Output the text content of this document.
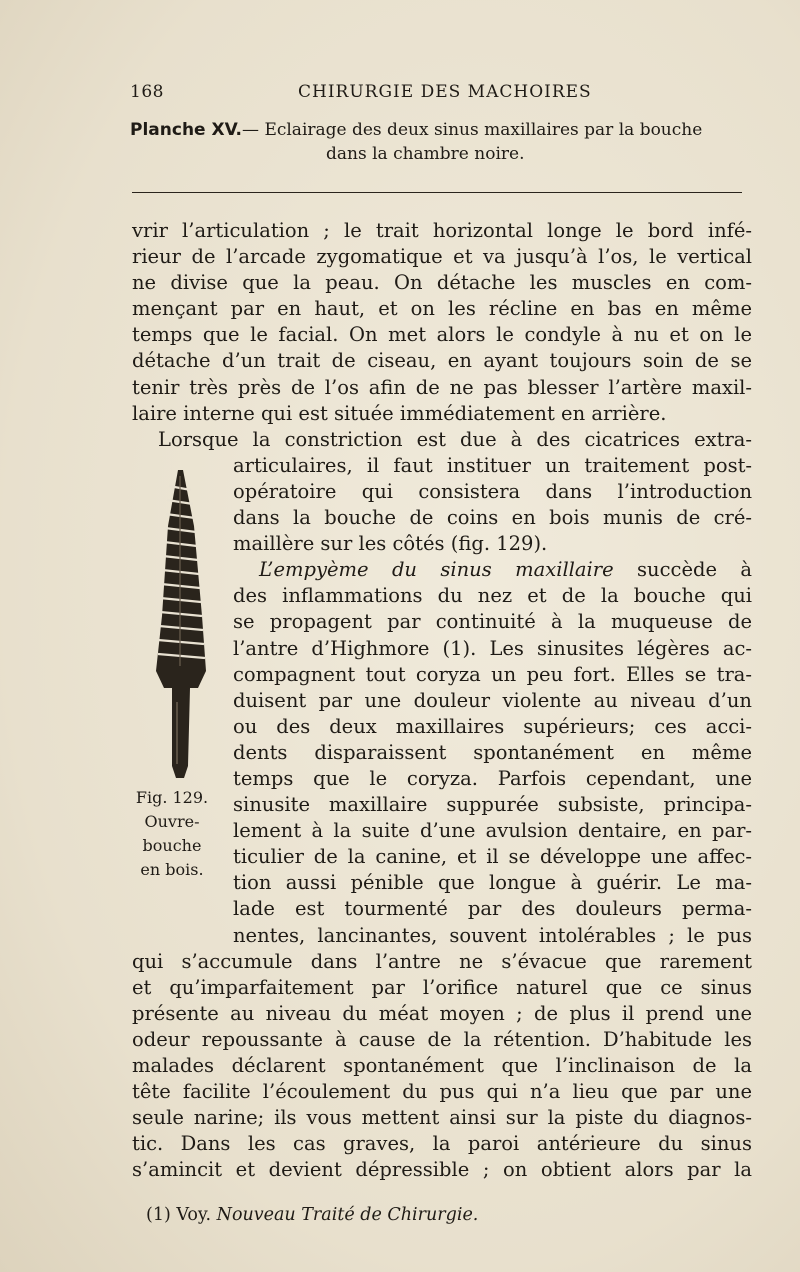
168	CHIRURGIE DES MACHOIRES
Planche XV.— Eclairage des deux sinus maxillaires par la bouche
dans la chambre noire.
vrir l’articulation ; le trait horizontal longe le bord infé-
rieur de l’arcade zygomatique et va jusqu’à l’os, le vertical
ne divise que la peau. On détache les muscles en com-
mençant par en haut, et on les récline en bas en même
temps que le facial. On met alors le condyle à nu et on le
détache d’un trait de ciseau, en ayant toujours soin de se
tenir très près de l’os afin de ne pas blesser l’artère maxil-
laire interne qui est située immédiatement en arrière.
Lorsque la constriction est due à des cicatrices extra-
articulaires, il faut instituer un traitement post-
opératoire qui consistera dans l’introduction
dans la bouche de coins en bois munis de cré-
maillère sur les côtés (fig. 129).
L’empyème du sinus maxillaire succède à
des inflammations du nez et de la bouche qui
se propagent par continuité à la muqueuse de
l’antre d’Highmore (1). Les sinusites légères ac-
compagnent tout coryza un peu fort. Elles se tra-
duisent par une douleur violente au niveau d’un
ou des deux maxillaires supérieurs; ces acci-
dents disparaissent spontanément en même
temps que le coryza. Parfois cependant, une
sinusite maxillaire suppurée subsiste, principa-
lement à la suite d’une avulsion dentaire, en par-
ticulier de la canine, et il se développe une affec-
tion aussi pénible que longue à guérir. Le ma-
lade est tourmenté par des douleurs perma-
nentes, lancinantes, souvent intolérables ; le pus
qui s’accumule dans l’antre ne s’évacue que rarement
et qu’imparfaitement par l’orifice naturel que ce sinus
présente au niveau du méat moyen ; de plus il prend une
odeur repoussante à cause de la rétention. D’habitude les
malades déclarent spontanément que l’inclinaison de la
tête facilite l’écoulement du pus qui n’a lieu que par une
seule narine; ils vous mettent ainsi sur la piste du diagnos-
tic. Dans les cas graves, la paroi antérieure du sinus
s’amincit et devient dépressible ; on obtient alors par la
Fig. 129.
Ouvre-
bouche
en bois.
(1) Voy. Nouveau Traité de Chirurgie.
